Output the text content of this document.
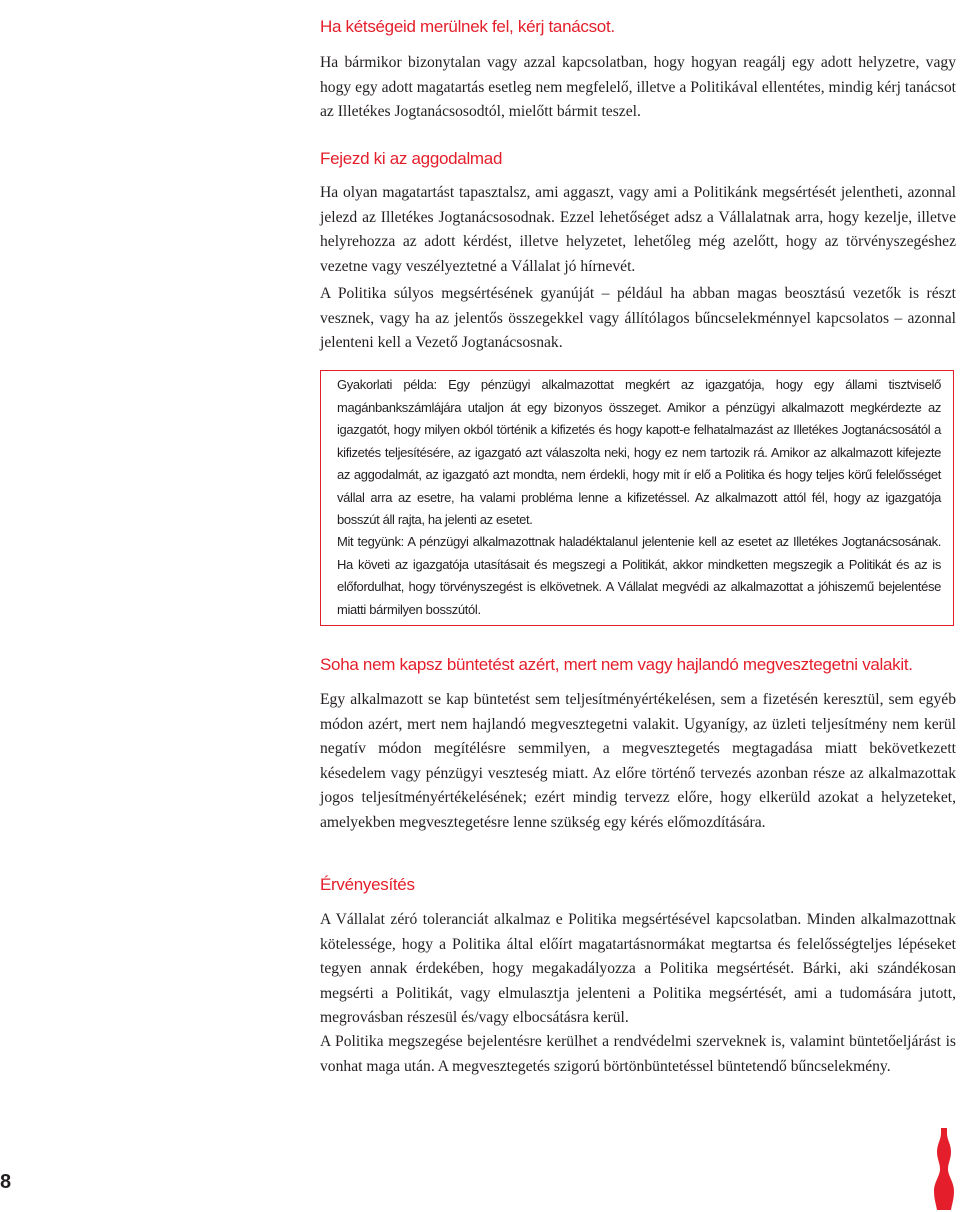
Ha kétségeid merülnek fel, kérj tanácsot.

Ha bármikor bizonytalan vagy azzal kapcsolatban, hogy hogyan reagálj egy adott helyzetre, vagy hogy egy adott magatartás esetleg nem megfelelő, illetve a Politikával ellentétes, mindig kérj tanácsot az Illetékes Jogtanácsosodtól, mielőtt bármit teszel.

Fejezd ki az aggodalmad

Ha olyan magatartást tapasztalsz, ami aggaszt, vagy ami a Politikánk megsértését jelentheti, azonnal jelezd az Illetékes Jogtanácsosodnak. Ezzel lehetőséget adsz a Vállalatnak arra, hogy kezelje, illetve helyrehozza az adott kérdést, illetve helyzetet, lehetőleg még azelőtt, hogy az törvényszegéshez vezetne vagy veszélyeztetné a Vállalat jó hírnevét.

A Politika súlyos megsértésének gyanúját – például ha abban magas beosztású vezetők is részt vesznek, vagy ha az jelentős összegekkel vagy állítólagos bűncselekménnyel kapcsolatos – azonnal jelenteni kell a Vezető Jogtanácsosnak.

Soha nem kapsz büntetést azért, mert nem vagy hajlandó megvesztegetni valakit.

Egy alkalmazott se kap büntetést sem teljesítményértékelésen, sem a fizetésén keresztül, sem egyéb módon azért, mert nem hajlandó megvesztegetni valakit. Ugyanígy, az üzleti teljesítmény nem kerül negatív módon megítélésre semmilyen, a megvesztegetés megtagadása miatt bekövetkezett késedelem vagy pénzügyi veszteség miatt. Az előre történő tervezés azonban része az alkalmazottak jogos teljesítményértékelésének; ezért mindig tervezz előre, hogy elkerüld azokat a helyzeteket, amelyekben megvesztegetésre lenne szükség egy kérés előmozdítására.

Érvényesítés

A Vállalat zéró toleranciát alkalmaz e Politika megsértésével kapcsolatban. Minden alkalmazottnak kötelessége, hogy a Politika által előírt magatartásnormákat megtartsa és felelősségteljes lépéseket tegyen annak érdekében, hogy megakadályozza a Politika megsértését. Bárki, aki szándékosan megsérti a Politikát, vagy elmulasztja jelenteni a Politika megsértését, ami a tudomására jutott, megrovásban részesül és/vagy elbocsátásra kerül.

A Politika megszegése bejelentésre kerülhet a rendvédelmi szerveknek is, valamint büntetőeljárást is vonhat maga után. A megvesztegetés szigorú börtönbüntetéssel büntetendő bűncselekmény.

Gyakorlati példa: Egy pénzügyi alkalmazottat megkért az igazgatója, hogy egy állami tisztviselő magánbankszámlájára utaljon át egy bizonyos összeget. Amikor a pénzügyi alkalmazott megkérdezte az igazgatót, hogy milyen okból történik a kifizetés és hogy kapott-e felhatalmazást az Illetékes Jogtanácsosától a kifizetés teljesítésére, az igazgató azt válaszolta neki, hogy ez nem tartozik rá. Amikor az alkalmazott kifejezte az aggodalmát, az igazgató azt mondta, nem érdekli, hogy mit ír elő a Politika és hogy teljes körű felelősséget vállal arra az esetre, ha valami probléma lenne a kifizetéssel. Az alkalmazott attól fél, hogy az igazgatója bosszút áll rajta, ha jelenti az esetet.

Mit tegyünk: A pénzügyi alkalmazottnak haladéktalanul jelentenie kell az esetet az Illetékes Jogtanácsosának. Ha követi az igazgatója utasításait és megszegi a Politikát, akkor mindketten megszegik a Politikát és az is előfordulhat, hogy törvényszegést is elkövetnek. A Vállalat megvédi az alkalmazottat a jóhiszemű bejelentése miatti bármilyen bosszútól.

8
